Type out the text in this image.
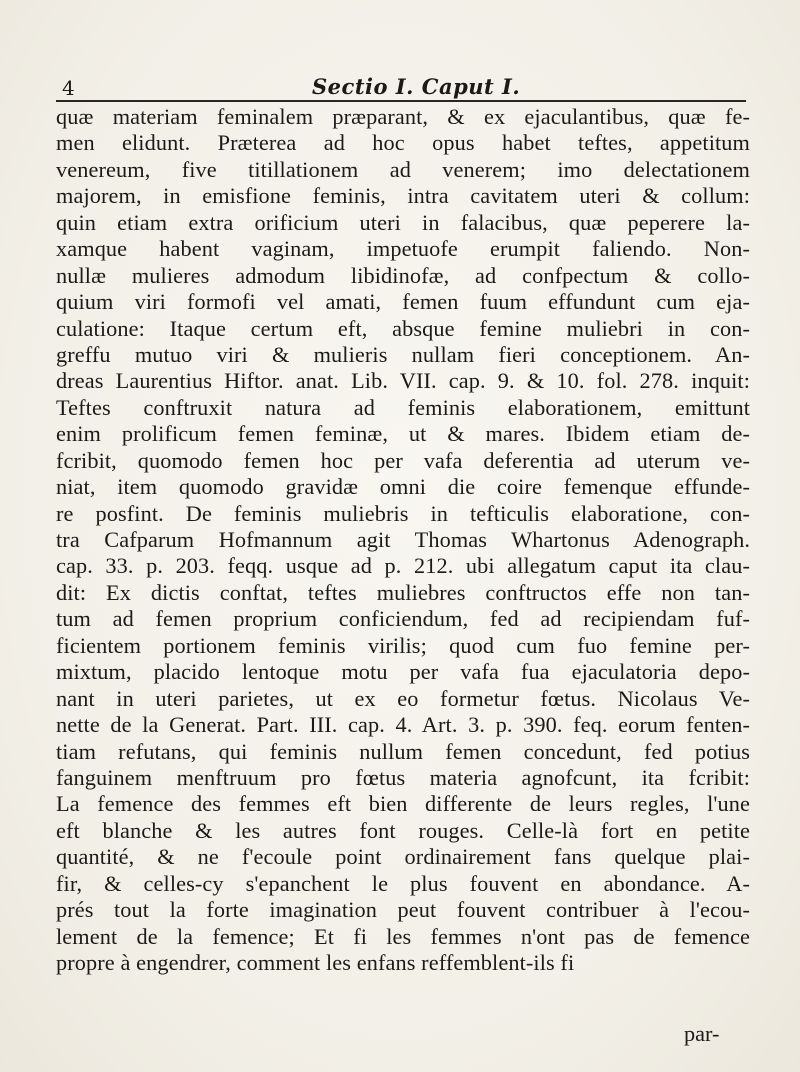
4	Sectio I. Caput I.
quæ materiam feminalem præparant, & ex ejaculantibus, quæ fe-
men elidunt. Præterea ad hoc opus habet teftes, appetitum
venereum, five titillationem ad venerem; imo delectationem
majorem, in emisfione feminis, intra cavitatem uteri & collum:
quin etiam extra orificium uteri in falacibus, quæ peperere la-
xamque habent vaginam, impetuofe erumpit faliendo. Non-
nullæ mulieres admodum libidinofæ, ad confpectum & collo-
quium viri formofi vel amati, femen fuum effundunt cum eja-
culatione: Itaque certum eft, absque femine muliebri in con-
greffu mutuo viri & mulieris nullam fieri conceptionem. An-
dreas Laurentius Hiftor. anat. Lib. VII. cap. 9. & 10. fol. 278. inquit:
Teftes conftruxit natura ad feminis elaborationem, emittunt
enim prolificum femen feminæ, ut & mares. Ibidem etiam de-
fcribit, quomodo femen hoc per vafa deferentia ad uterum ve-
niat, item quomodo gravidæ omni die coire femenque effunde-
re posfint. De feminis muliebris in tefticulis elaboratione, con-
tra Cafparum Hofmannum agit Thomas Whartonus Adenograph.
cap. 33. p. 203. feqq. usque ad p. 212. ubi allegatum caput ita clau-
dit: Ex dictis conftat, teftes muliebres conftructos effe non tan-
tum ad femen proprium conficiendum, fed ad recipiendam fuf-
ficientem portionem feminis virilis; quod cum fuo femine per-
mixtum, placido lentoque motu per vafa fua ejaculatoria depo-
nant in uteri parietes, ut ex eo formetur fœtus. Nicolaus Ve-
nette de la Generat. Part. III. cap. 4. Art. 3. p. 390. feq. eorum fenten-
tiam refutans, qui feminis nullum femen concedunt, fed potius
fanguinem menftruum pro fœtus materia agnofcunt, ita fcribit:
La femence des femmes eft bien differente de leurs regles, l'une
eft blanche & les autres font rouges. Celle-là fort en petite
quantité, & ne f'ecoule point ordinairement fans quelque plai-
fir, & celles-cy s'epanchent le plus fouvent en abondance. A-
prés tout la forte imagination peut fouvent contribuer à l'ecou-
lement de la femence; Et fi les femmes n'ont pas de femence
propre à engendrer, comment les enfans reffemblent-ils fi
par-
